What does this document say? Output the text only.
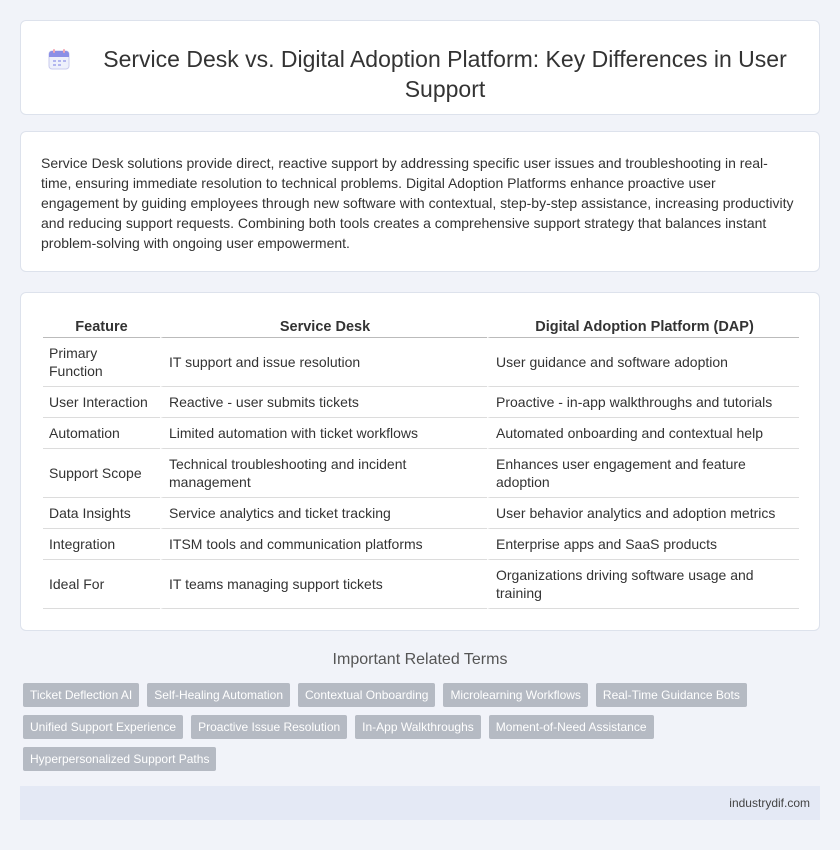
Service Desk vs. Digital Adoption Platform: Key Differences in User Support

Service Desk solutions provide direct, reactive support by addressing specific user issues and troubleshooting in real-time, ensuring immediate resolution to technical problems. Digital Adoption Platforms enhance proactive user engagement by guiding employees through new software with contextual, step-by-step assistance, increasing productivity and reducing support requests. Combining both tools creates a comprehensive support strategy that balances instant problem-solving with ongoing user empowerment.

Feature	Service Desk	Digital Adoption Platform (DAP)
Primary Function	IT support and issue resolution	User guidance and software adoption
User Interaction	Reactive - user submits tickets	Proactive - in-app walkthroughs and tutorials
Automation	Limited automation with ticket workflows	Automated onboarding and contextual help
Support Scope	Technical troubleshooting and incident management	Enhances user engagement and feature adoption
Data Insights	Service analytics and ticket tracking	User behavior analytics and adoption metrics
Integration	ITSM tools and communication platforms	Enterprise apps and SaaS products
Ideal For	IT teams managing support tickets	Organizations driving software usage and training
Important Related Terms
Ticket Deflection AI	Self-Healing Automation	Contextual Onboarding	Microlearning Workflows	Real-Time Guidance Bots
Unified Support Experience	Proactive Issue Resolution	In-App Walkthroughs	Moment-of-Need Assistance
Hyperpersonalized Support Paths
industrydif.com
